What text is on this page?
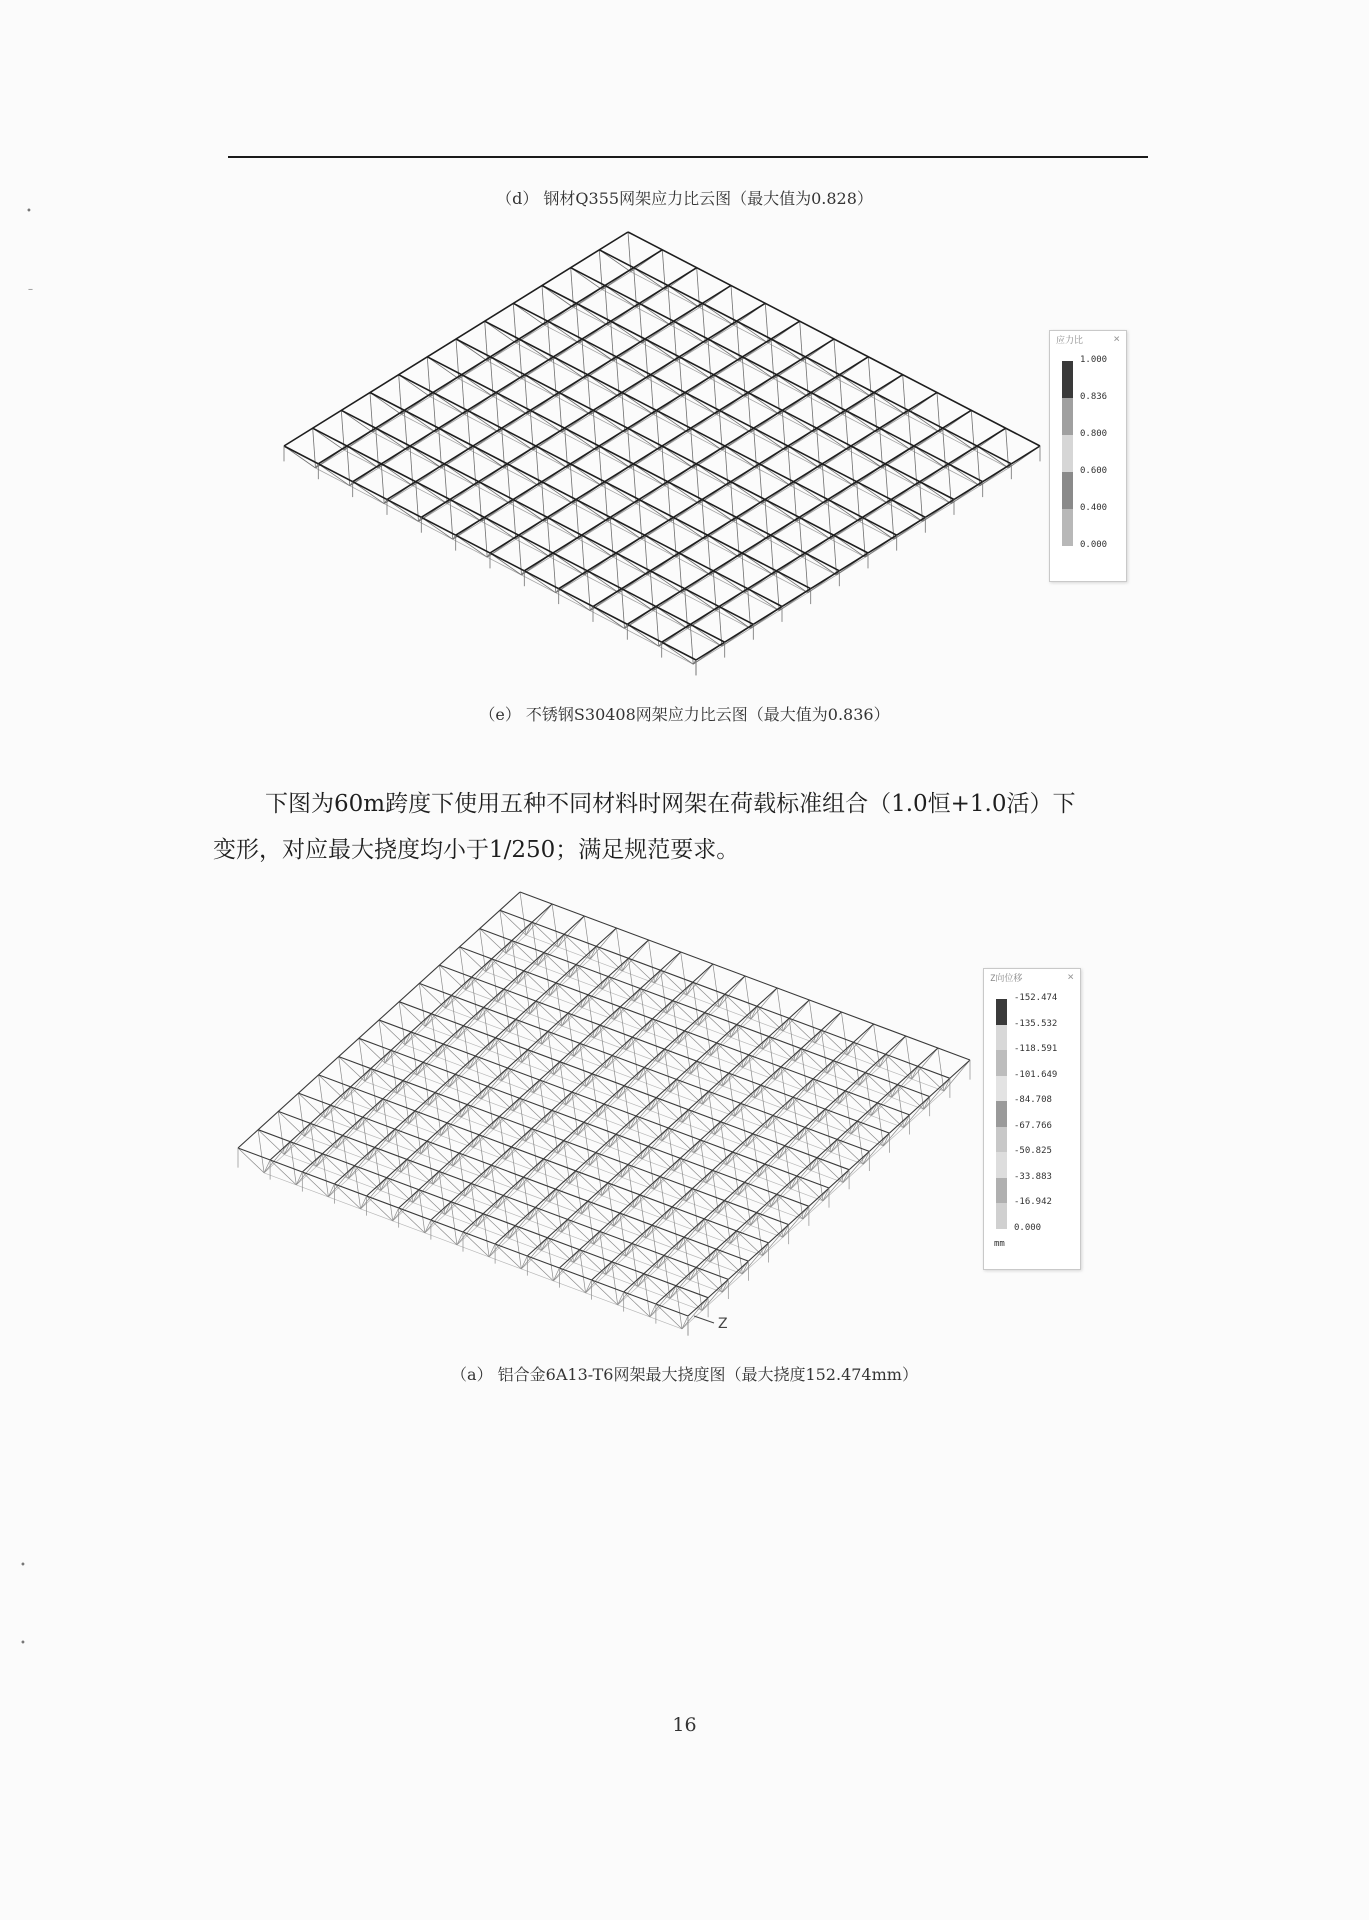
•
–
•
•
（d） 钢材Q355网架应力比云图（最大值为0.828）
应力比	×
1.000
0.836
0.800
0.600
0.400
0.000
（e） 不锈钢S30408网架应力比云图（最大值为0.836）
下图为60m跨度下使用五种不同材料时网架在荷载标准组合（1.0恒+1.0活）下
变形，对应最大挠度均小于1/250；满足规范要求。
Z
Z向位移	×
-152.474
-135.532
-118.591
-101.649
-84.708
-67.766
-50.825
-33.883
-16.942
0.000
mm
（a） 铝合金6A13-T6网架最大挠度图（最大挠度152.474mm）
16
